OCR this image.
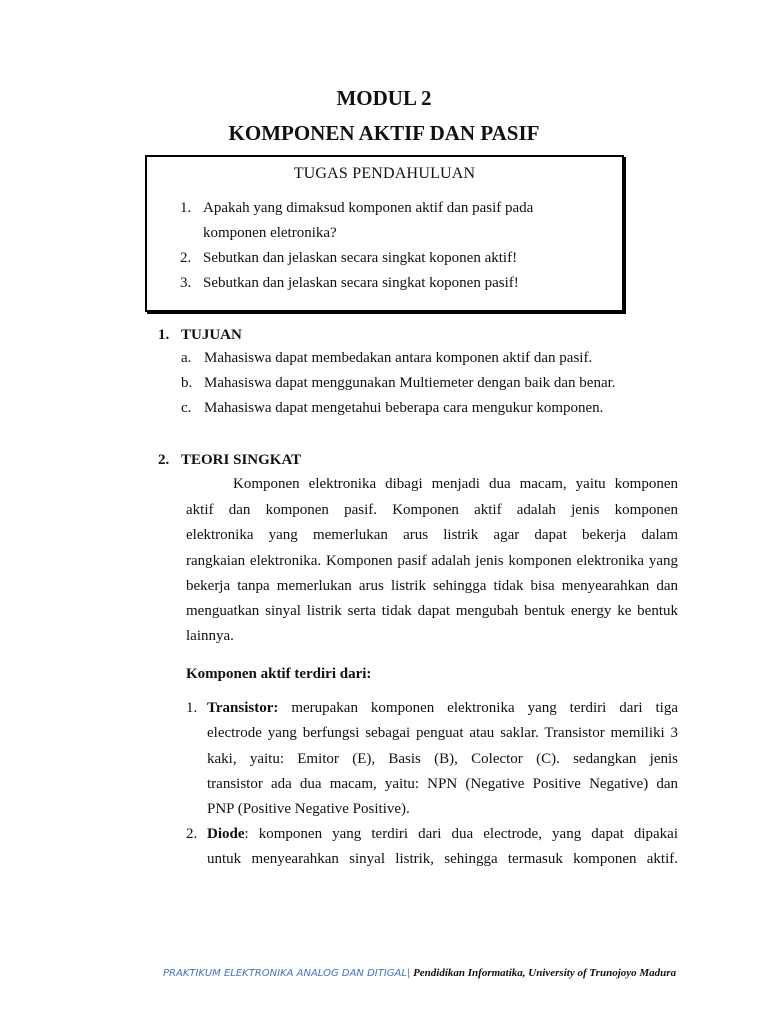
MODUL 2
KOMPONEN AKTIF DAN PASIF
TUGAS PENDAHULUAN
1. Apakah yang dimaksud komponen aktif dan pasif pada
komponen eletronika?
2. Sebutkan dan jelaskan secara singkat koponen aktif!
3. Sebutkan dan jelaskan secara singkat koponen pasif!
1. TUJUAN
a. Mahasiswa dapat membedakan antara komponen aktif dan pasif.
b. Mahasiswa dapat menggunakan Multiemeter dengan baik dan benar.
c. Mahasiswa dapat mengetahui beberapa cara mengukur komponen.
2. TEORI SINGKAT
Komponen elektronika dibagi menjadi dua macam, yaitu komponen
aktif dan komponen pasif. Komponen aktif adalah jenis komponen
elektronika yang memerlukan arus listrik agar dapat bekerja dalam
rangkaian elektronika. Komponen pasif adalah jenis komponen elektronika yang
bekerja tanpa memerlukan arus listrik sehingga tidak bisa menyearahkan dan
menguatkan sinyal listrik serta tidak dapat mengubah bentuk energy ke bentuk
lainnya.
Komponen aktif terdiri dari:
1. Transistor: merupakan komponen elektronika yang terdiri dari tiga
electrode yang berfungsi sebagai penguat atau saklar. Transistor memiliki 3
kaki, yaitu: Emitor (E), Basis (B), Colector (C). sedangkan jenis
transistor ada dua macam, yaitu: NPN (Negative Positive Negative) dan
PNP (Positive Negative Positive).
2. Diode: komponen yang terdiri dari dua electrode, yang dapat dipakai
untuk menyearahkan sinyal listrik, sehingga termasuk komponen aktif.
PRAKTIKUM ELEKTRONIKA ANALOG DAN DITIGAL| Pendidikan Informatika, University of Trunojoyo Madura
